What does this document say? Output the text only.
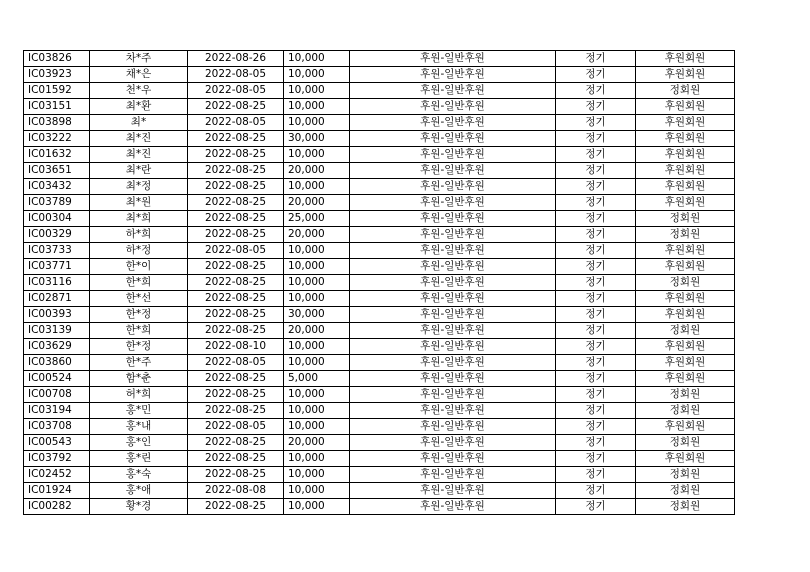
IC03826	차*주	2022-08-26	10,000	후원-일반후원	정기	후원회원
IC03923	채*은	2022-08-05	10,000	후원-일반후원	정기	후원회원
IC01592	천*우	2022-08-05	10,000	후원-일반후원	정기	정회원
IC03151	최*환	2022-08-25	10,000	후원-일반후원	정기	후원회원
IC03898	최*	2022-08-05	10,000	후원-일반후원	정기	후원회원
IC03222	최*진	2022-08-25	30,000	후원-일반후원	정기	후원회원
IC01632	최*진	2022-08-25	10,000	후원-일반후원	정기	후원회원
IC03651	최*란	2022-08-25	20,000	후원-일반후원	정기	후원회원
IC03432	최*정	2022-08-25	10,000	후원-일반후원	정기	후원회원
IC03789	최*원	2022-08-25	20,000	후원-일반후원	정기	후원회원
IC00304	최*희	2022-08-25	25,000	후원-일반후원	정기	정회원
IC00329	하*희	2022-08-25	20,000	후원-일반후원	정기	정회원
IC03733	하*정	2022-08-05	10,000	후원-일반후원	정기	후원회원
IC03771	한*이	2022-08-25	10,000	후원-일반후원	정기	후원회원
IC03116	한*희	2022-08-25	10,000	후원-일반후원	정기	정회원
IC02871	한*선	2022-08-25	10,000	후원-일반후원	정기	후원회원
IC00393	한*정	2022-08-25	30,000	후원-일반후원	정기	후원회원
IC03139	한*희	2022-08-25	20,000	후원-일반후원	정기	정회원
IC03629	한*정	2022-08-10	10,000	후원-일반후원	정기	후원회원
IC03860	한*주	2022-08-05	10,000	후원-일반후원	정기	후원회원
IC00524	함*춘	2022-08-25	5,000	후원-일반후원	정기	후원회원
IC00708	허*희	2022-08-25	10,000	후원-일반후원	정기	정회원
IC03194	홍*민	2022-08-25	10,000	후원-일반후원	정기	정회원
IC03708	홍*내	2022-08-05	10,000	후원-일반후원	정기	후원회원
IC00543	홍*인	2022-08-25	20,000	후원-일반후원	정기	정회원
IC03792	홍*린	2022-08-25	10,000	후원-일반후원	정기	후원회원
IC02452	홍*숙	2022-08-25	10,000	후원-일반후원	정기	정회원
IC01924	홍*애	2022-08-08	10,000	후원-일반후원	정기	정회원
IC00282	황*경	2022-08-25	10,000	후원-일반후원	정기	정회원
